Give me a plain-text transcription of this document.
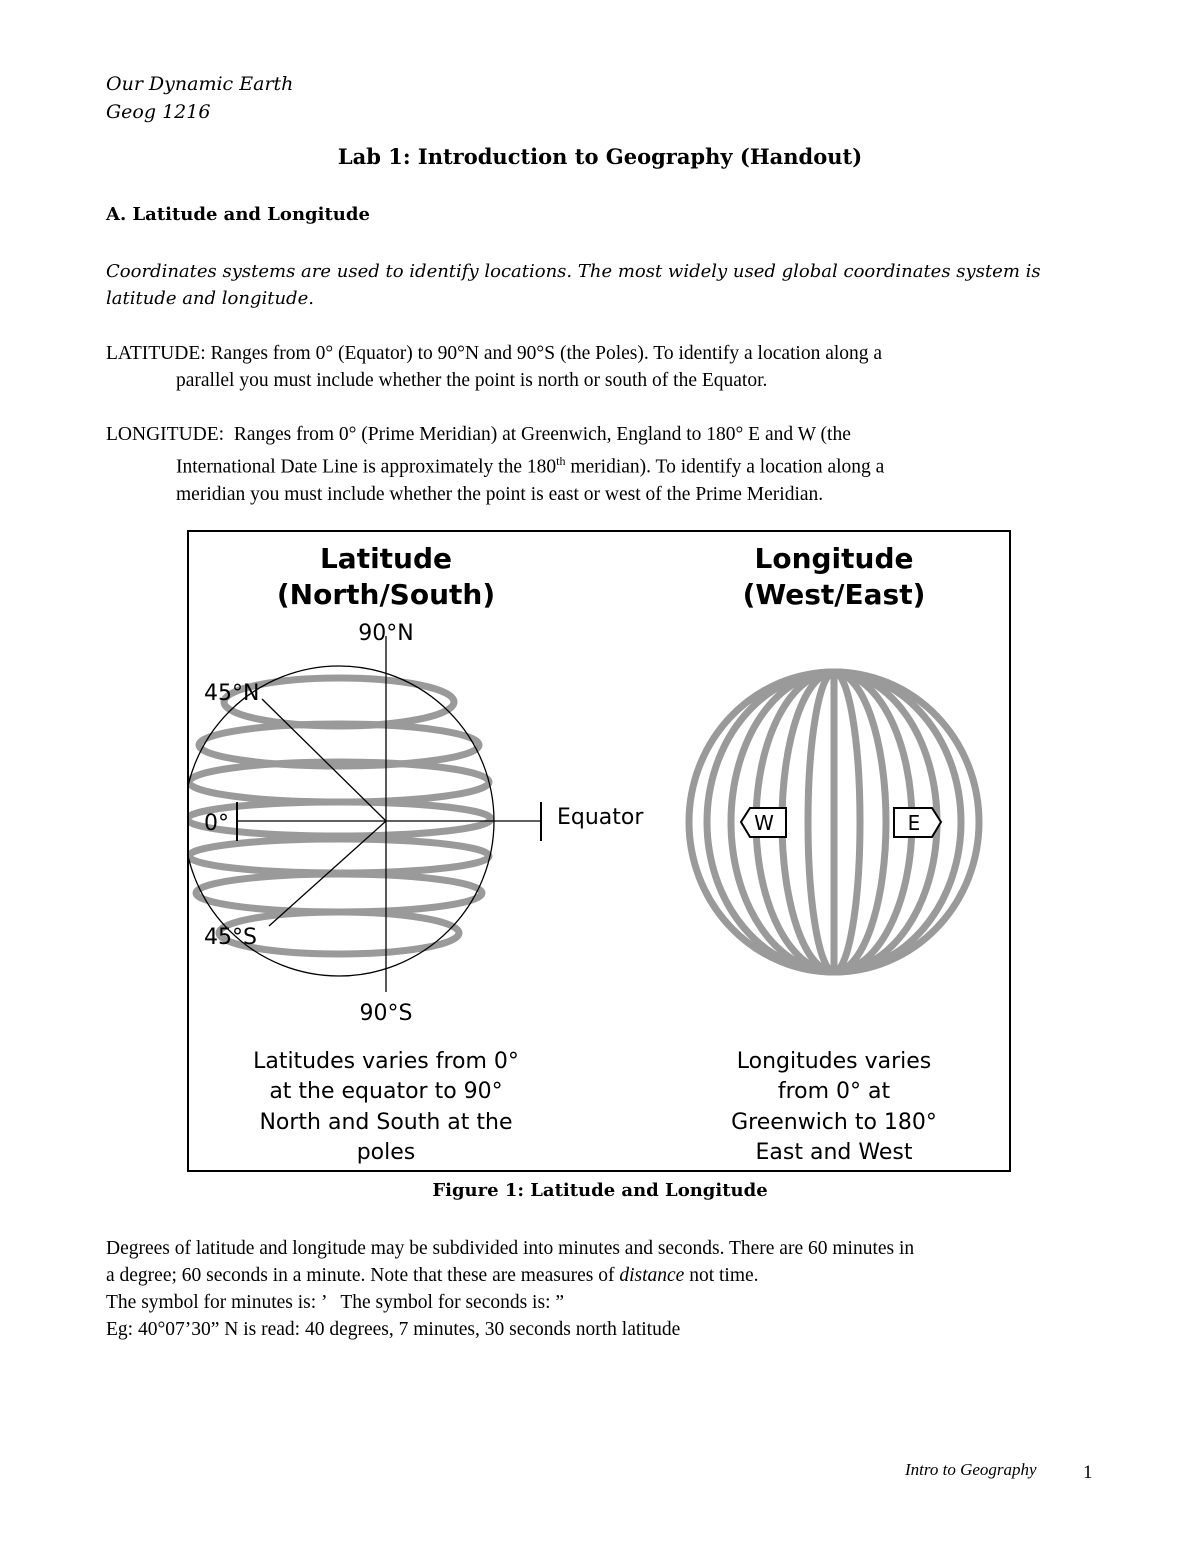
Our Dynamic Earth
Geog 1216
Lab 1: Introduction to Geography (Handout)
A. Latitude and Longitude
Coordinates systems are used to identify locations. The most widely used global coordinates system is latitude and longitude.
LATITUDE: Ranges from 0° (Equator) to 90°N and 90°S (the Poles). To identify a location along a
parallel you must include whether the point is north or south of the Equator.
LONGITUDE: Ranges from 0° (Prime Meridian) at Greenwich, England to 180° E and W (the
International Date Line is approximately the 180th meridian). To identify a location along a
meridian you must include whether the point is east or west of the Prime Meridian.
Latitude
(North/South)
90°N
45°N
0°	Equator
45°S
90°S
Latitudes varies from 0°
at the equator to 90°
North and South at the
poles
Longitude
(West/East)
W	E
Longitudes varies
from 0° at
Greenwich to 180°
East and West
Figure 1: Latitude and Longitude
Degrees of latitude and longitude may be subdivided into minutes and seconds. There are 60 minutes in
a degree; 60 seconds in a minute. Note that these are measures of distance not time.
The symbol for minutes is: ’   The symbol for seconds is: ”
Eg: 40°07’30” N is read: 40 degrees, 7 minutes, 30 seconds north latitude
Intro to Geography 1
